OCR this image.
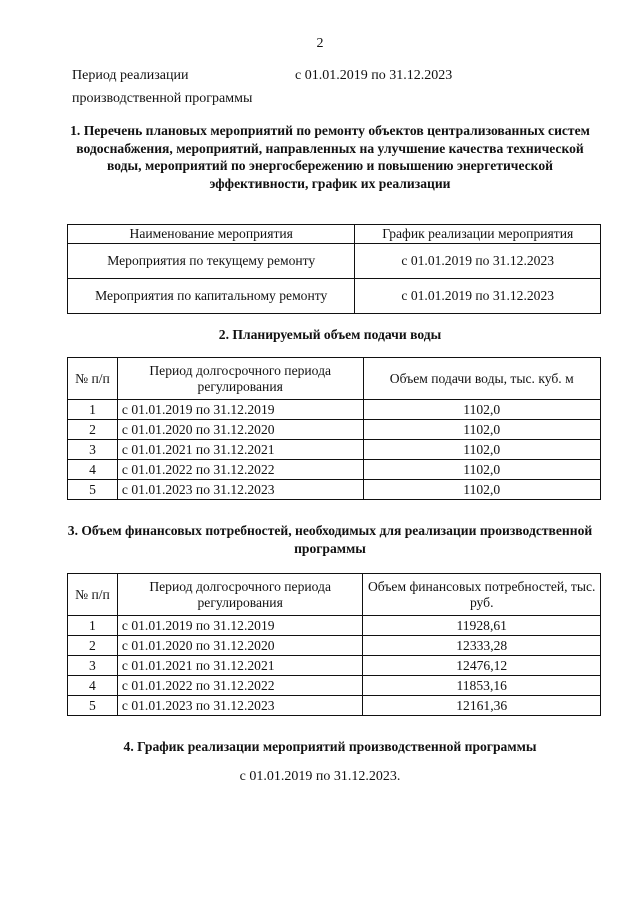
2
Период реализации производственной программы
с 01.01.2019 по 31.12.2023
1. Перечень плановых мероприятий по ремонту объектов централизованных систем водоснабжения, мероприятий, направленных на улучшение качества технической воды, мероприятий по энергосбережению и повышению энергетической эффективности, график их реализации
Наименование мероприятия	График реализации мероприятия
Мероприятия по текущему ремонту	с 01.01.2019 по 31.12.2023
Мероприятия по капитальному ремонту	с 01.01.2019 по 31.12.2023
2. Планируемый объем подачи воды
№ п/п	Период долгосрочного периода регулирования	Объем подачи воды, тыс. куб. м
1	с 01.01.2019 по 31.12.2019	1102,0
2	с 01.01.2020 по 31.12.2020	1102,0
3	с 01.01.2021 по 31.12.2021	1102,0
4	с 01.01.2022 по 31.12.2022	1102,0
5	с 01.01.2023 по 31.12.2023	1102,0
3. Объем финансовых потребностей, необходимых для реализации производственной программы
№ п/п	Период долгосрочного периода регулирования	Объем финансовых потребностей, тыс. руб.
1	с 01.01.2019 по 31.12.2019	11928,61
2	с 01.01.2020 по 31.12.2020	12333,28
3	с 01.01.2021 по 31.12.2021	12476,12
4	с 01.01.2022 по 31.12.2022	11853,16
5	с 01.01.2023 по 31.12.2023	12161,36
4. График реализации мероприятий производственной программы
с 01.01.2019 по 31.12.2023.
